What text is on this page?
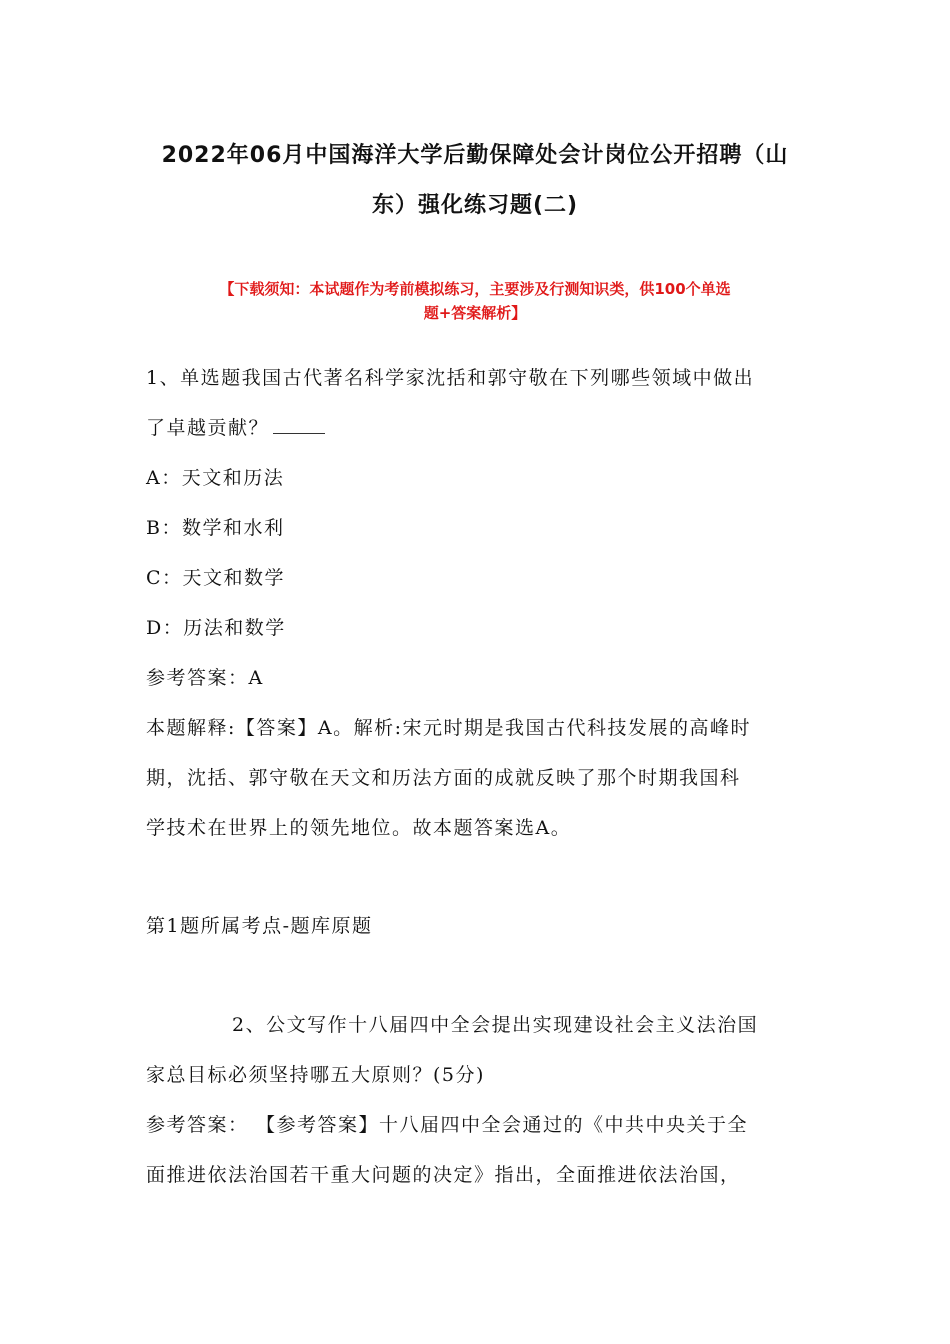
2022年06月中国海洋大学后勤保障处会计岗位公开招聘（山
东）强化练习题(二)
【下载须知：本试题作为考前模拟练习，主要涉及行测知识类，供100个单选
题+答案解析】
1、单选题我国古代著名科学家沈括和郭守敬在下列哪些领域中做出
了卓越贡献？
A：天文和历法
B：数学和水利
C：天文和数学
D：历法和数学
参考答案：A
本题解释:【答案】A。解析:宋元时期是我国古代科技发展的高峰时
期，沈括、郭守敬在天文和历法方面的成就反映了那个时期我国科
学技术在世界上的领先地位。故本题答案选A。
第1题所属考点-题库原题
2、公文写作十八届四中全会提出实现建设社会主义法治国
家总目标必须坚持哪五大原则？(5分)
参考答案： 【参考答案】十八届四中全会通过的《中共中央关于全
面推进依法治国若干重大问题的决定》指出，全面推进依法治国，
